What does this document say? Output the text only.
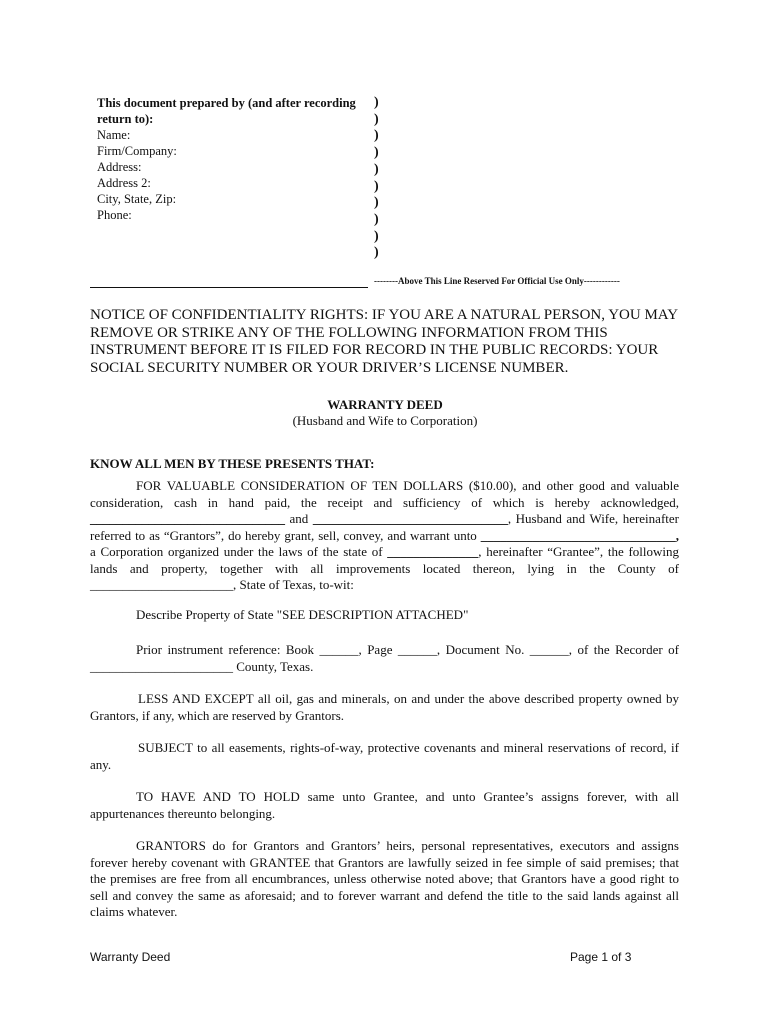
This document prepared by (and after recording return to):
Name:
Firm/Company:
Address:
Address 2:
City, State, Zip:
Phone:
)
)
)
)
)
)
)
)
)
)
--------Above This Line Reserved For Official Use Only------------
NOTICE OF CONFIDENTIALITY RIGHTS: IF YOU ARE A NATURAL PERSON, YOU MAY REMOVE OR STRIKE ANY OF THE FOLLOWING INFORMATION FROM THIS INSTRUMENT BEFORE IT IS FILED FOR RECORD IN THE PUBLIC RECORDS: YOUR SOCIAL SECURITY NUMBER OR YOUR DRIVER’S LICENSE NUMBER.
WARRANTY DEED
(Husband and Wife to Corporation)
KNOW ALL MEN BY THESE PRESENTS THAT:
FOR VALUABLE CONSIDERATION OF TEN DOLLARS ($10.00), and other good and valuable consideration, cash in hand paid, the receipt and sufficiency of which is hereby acknowledged, ______________________________ and ______________________________, Husband and Wife, hereinafter referred to as “Grantors”, do hereby grant, sell, convey, and warrant unto ______________________________, a Corporation organized under the laws of the state of ______________, hereinafter “Grantee”, the following lands and property, together with all improvements located thereon, lying in the County of ______________________, State of Texas, to-wit:
Describe Property of State "SEE DESCRIPTION ATTACHED"
Prior instrument reference: Book ______, Page ______, Document No. ______, of the Recorder of ______________________ County, Texas.
LESS AND EXCEPT all oil, gas and minerals, on and under the above described property owned by Grantors, if any, which are reserved by Grantors.
SUBJECT to all easements, rights-of-way, protective covenants and mineral reservations of record, if any.
TO HAVE AND TO HOLD same unto Grantee, and unto Grantee’s assigns forever, with all appurtenances thereunto belonging.
GRANTORS do for Grantors and Grantors’ heirs, personal representatives, executors and assigns forever hereby covenant with GRANTEE that Grantors are lawfully seized in fee simple of said premises; that the premises are free from all encumbrances, unless otherwise noted above; that Grantors have a good right to sell and convey the same as aforesaid; and to forever warrant and defend the title to the said lands against all claims whatever.
Warranty Deed	Page 1 of 3
